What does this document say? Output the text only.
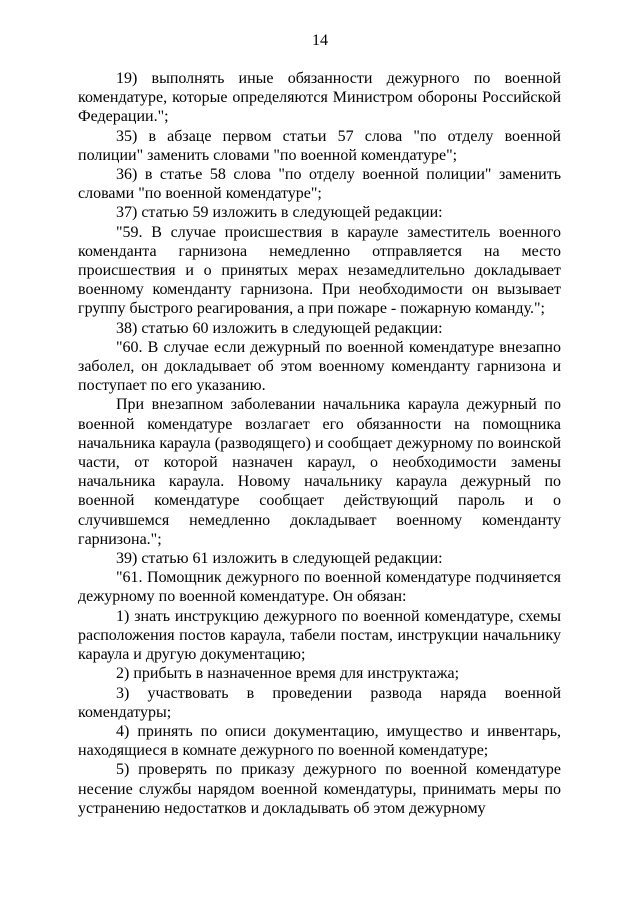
14

19) выполнять иные обязанности дежурного по военной комендатуре, которые определяются Министром обороны Российской Федерации.";

35) в абзаце первом статьи 57 слова "по отделу военной полиции" заменить словами "по военной комендатуре";

36) в статье 58 слова "по отделу военной полиции" заменить словами "по военной комендатуре";

37) статью 59 изложить в следующей редакции:

"59. В случае происшествия в карауле заместитель военного коменданта гарнизона немедленно отправляется на место происшествия и о принятых мерах незамедлительно докладывает военному коменданту гарнизона. При необходимости он вызывает группу быстрого реагирования, а при пожаре - пожарную команду.";

38) статью 60 изложить в следующей редакции:

"60. В случае если дежурный по военной комендатуре внезапно заболел, он докладывает об этом военному коменданту гарнизона и поступает по его указанию.

При внезапном заболевании начальника караула дежурный по военной комендатуре возлагает его обязанности на помощника начальника караула (разводящего) и сообщает дежурному по воинской части, от которой назначен караул, о необходимости замены начальника караула. Новому начальнику караула дежурный по военной комендатуре сообщает действующий пароль и о случившемся немедленно докладывает военному коменданту гарнизона.";

39) статью 61 изложить в следующей редакции:

"61. Помощник дежурного по военной комендатуре подчиняется дежурному по военной комендатуре. Он обязан:

1) знать инструкцию дежурного по военной комендатуре, схемы расположения постов караула, табели постам, инструкции начальнику караула и другую документацию;

2) прибыть в назначенное время для инструктажа;

3) участвовать в проведении развода наряда военной комендатуры;

4) принять по описи документацию, имущество и инвентарь, находящиеся в комнате дежурного по военной комендатуре;

5) проверять по приказу дежурного по военной комендатуре несение службы нарядом военной комендатуры, принимать меры по устранению недостатков и докладывать об этом дежурному
